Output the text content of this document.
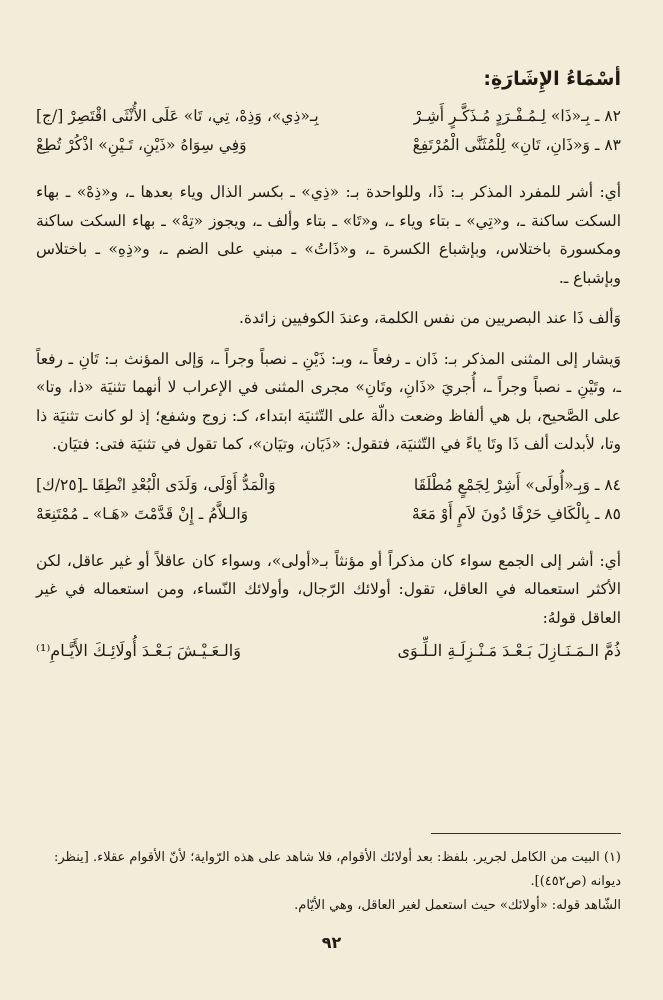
أسْمَاءُ الإِشَارَةِ:
٨٢ ـ بِـ«ذَا» لِـمُـفْـرَدٍ مُـذَكَّـرٍ أَشِـرْ
بِـ«ذِي»، وَذِهْ، تِي، تَا» عَلَى الأُنْثَى اقْتَصِرْ [/ج]
٨٣ ـ وَ«ذَانِ، تَانِ» لِلْمُثَنَّى الْمُرْتَفِعْ
وَفِي سِوَاهُ «ذَيْنِ، تَـيْنِ» اذْكُرْ تُطِعْ

أي: أشر للمفرد المذكر بـ: ذَا، وللواحدة بـ: «ذِي» ـ بكسر الذال وياء بعدها ـ، و«ذِهْ» ـ بهاء السكت ساكنة ـ، و«تِي» ـ بتاء وياء ـ، و«تَا» ـ بتاء وألف ـ، ويجوز «تِهْ» ـ بهاء السكت ساكنة ومكسورة باختلاس، وبإشباع الكسرة ـ، و«ذَاتُ» ـ مبني على الضم ـ، و«ذِهِ» ـ باختلاس وبإشباع ـ.

وَألف ذَا عند البصريين من نفس الكلمة، وعندَ الكوفيين زائدة.

وَيشار إلى المثنى المذكر بـ: ذَان ـ رفعاً ـ، وبـ: ذَيْنِ ـ نصباً وجراً ـ، وَإلى المؤنث بـ: تَانِ ـ رفعاً ـ، وتَيْنِ ـ نصباً وجراً ـ، أُجريَ «ذَانِ، وتَانِ» مجرى المثنى في الإعراب لا أنهما تثنيَة «ذا، وتا» على الصَّحيح، بل هي ألفاظ وضعت دالّة على التّثنيَة ابتداء، كـ: زوج وشفع؛ إذ لو كانت تثنيَة ذا وتا، لأبدلت ألف ذَا وتَا ياءً في التّثنيَة، فتقول: «ذَيَان، وتيَان»، كما تقول في تثنيَة فتى: فتيَان.

٨٤ ـ وَبِـ«أُولَى» أَشِرْ لِجَمْعٍ مُطْلَقَا
وَالْمَدُّ أَوْلَى، وَلَدَى الْبُعْدِ انْطِقَا ـ[٢٥/ك]
٨٥ ـ بِالْكَافِ حَرْفًا دُونَ لاَمٍ أَوْ مَعَهْ
وَالـلاَّمُ ـ إِنْ قَدَّمْتَ «هَـا» ـ مُمْتَنِعَهْ

أي: أشر إلى الجمع سواء كان مذكراً أو مؤنثاً بـ«أولى»، وسواء كان عاقلاً أو غير عاقل، لكن الأكثر استعماله في العاقل، تقول: أولائك الرّجال، وأولائك النّساء، ومن استعماله في غير العاقل قولهُ:

ذُمَّ الـمَـنَـازِلَ بَـعْـدَ مَـنْـزِلَـةِ الـلِّـوَى
وَالـعَـيْـشَ بَـعْـدَ أُولَائِـكَ الأَيَّـامِ⁽¹⁾

(١) البيت من الكامل لجرير. بلفظ: بعد أولائك الأقوام، فلا شاهد على هذه الرّواية؛ لأنّ الأقوام عقلاء. [ينظر: ديوانه (ص٤٥٢)].

الشّاهد قوله: «أولائك» حيث استعمل لغير العاقل، وهي الأيّام.

٩٢
